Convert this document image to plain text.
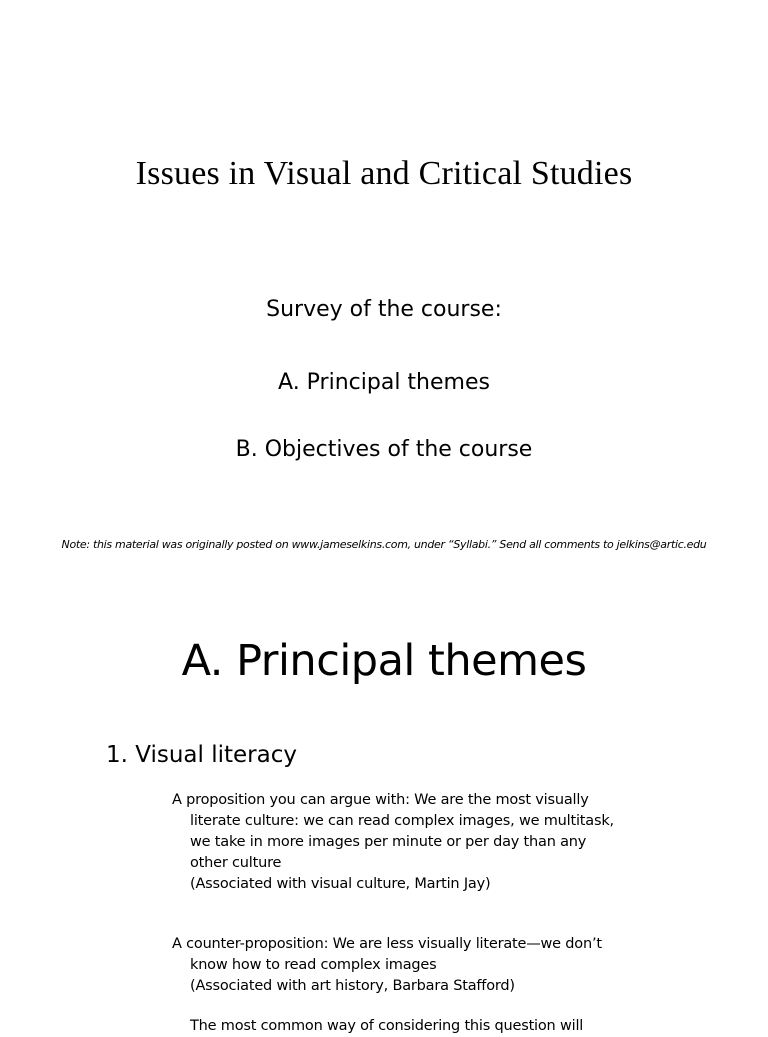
Issues in Visual and Critical Studies
Survey of the course:
A. Principal themes
B. Objectives of the course
Note: this material was originally posted on www.jameselkins.com, under “Syllabi.” Send all comments to jelkins@artic.edu
A. Principal themes
1. Visual literacy
A proposition you can argue with: We are the most visually
literate culture: we can read complex images, we multitask,
we take in more images per minute or per day than any
other culture
(Associated with visual culture, Martin Jay)
A counter-proposition: We are less visually literate—we don’t
know how to read complex images
(Associated with art history, Barbara Stafford)
The most common way of considering this question will
